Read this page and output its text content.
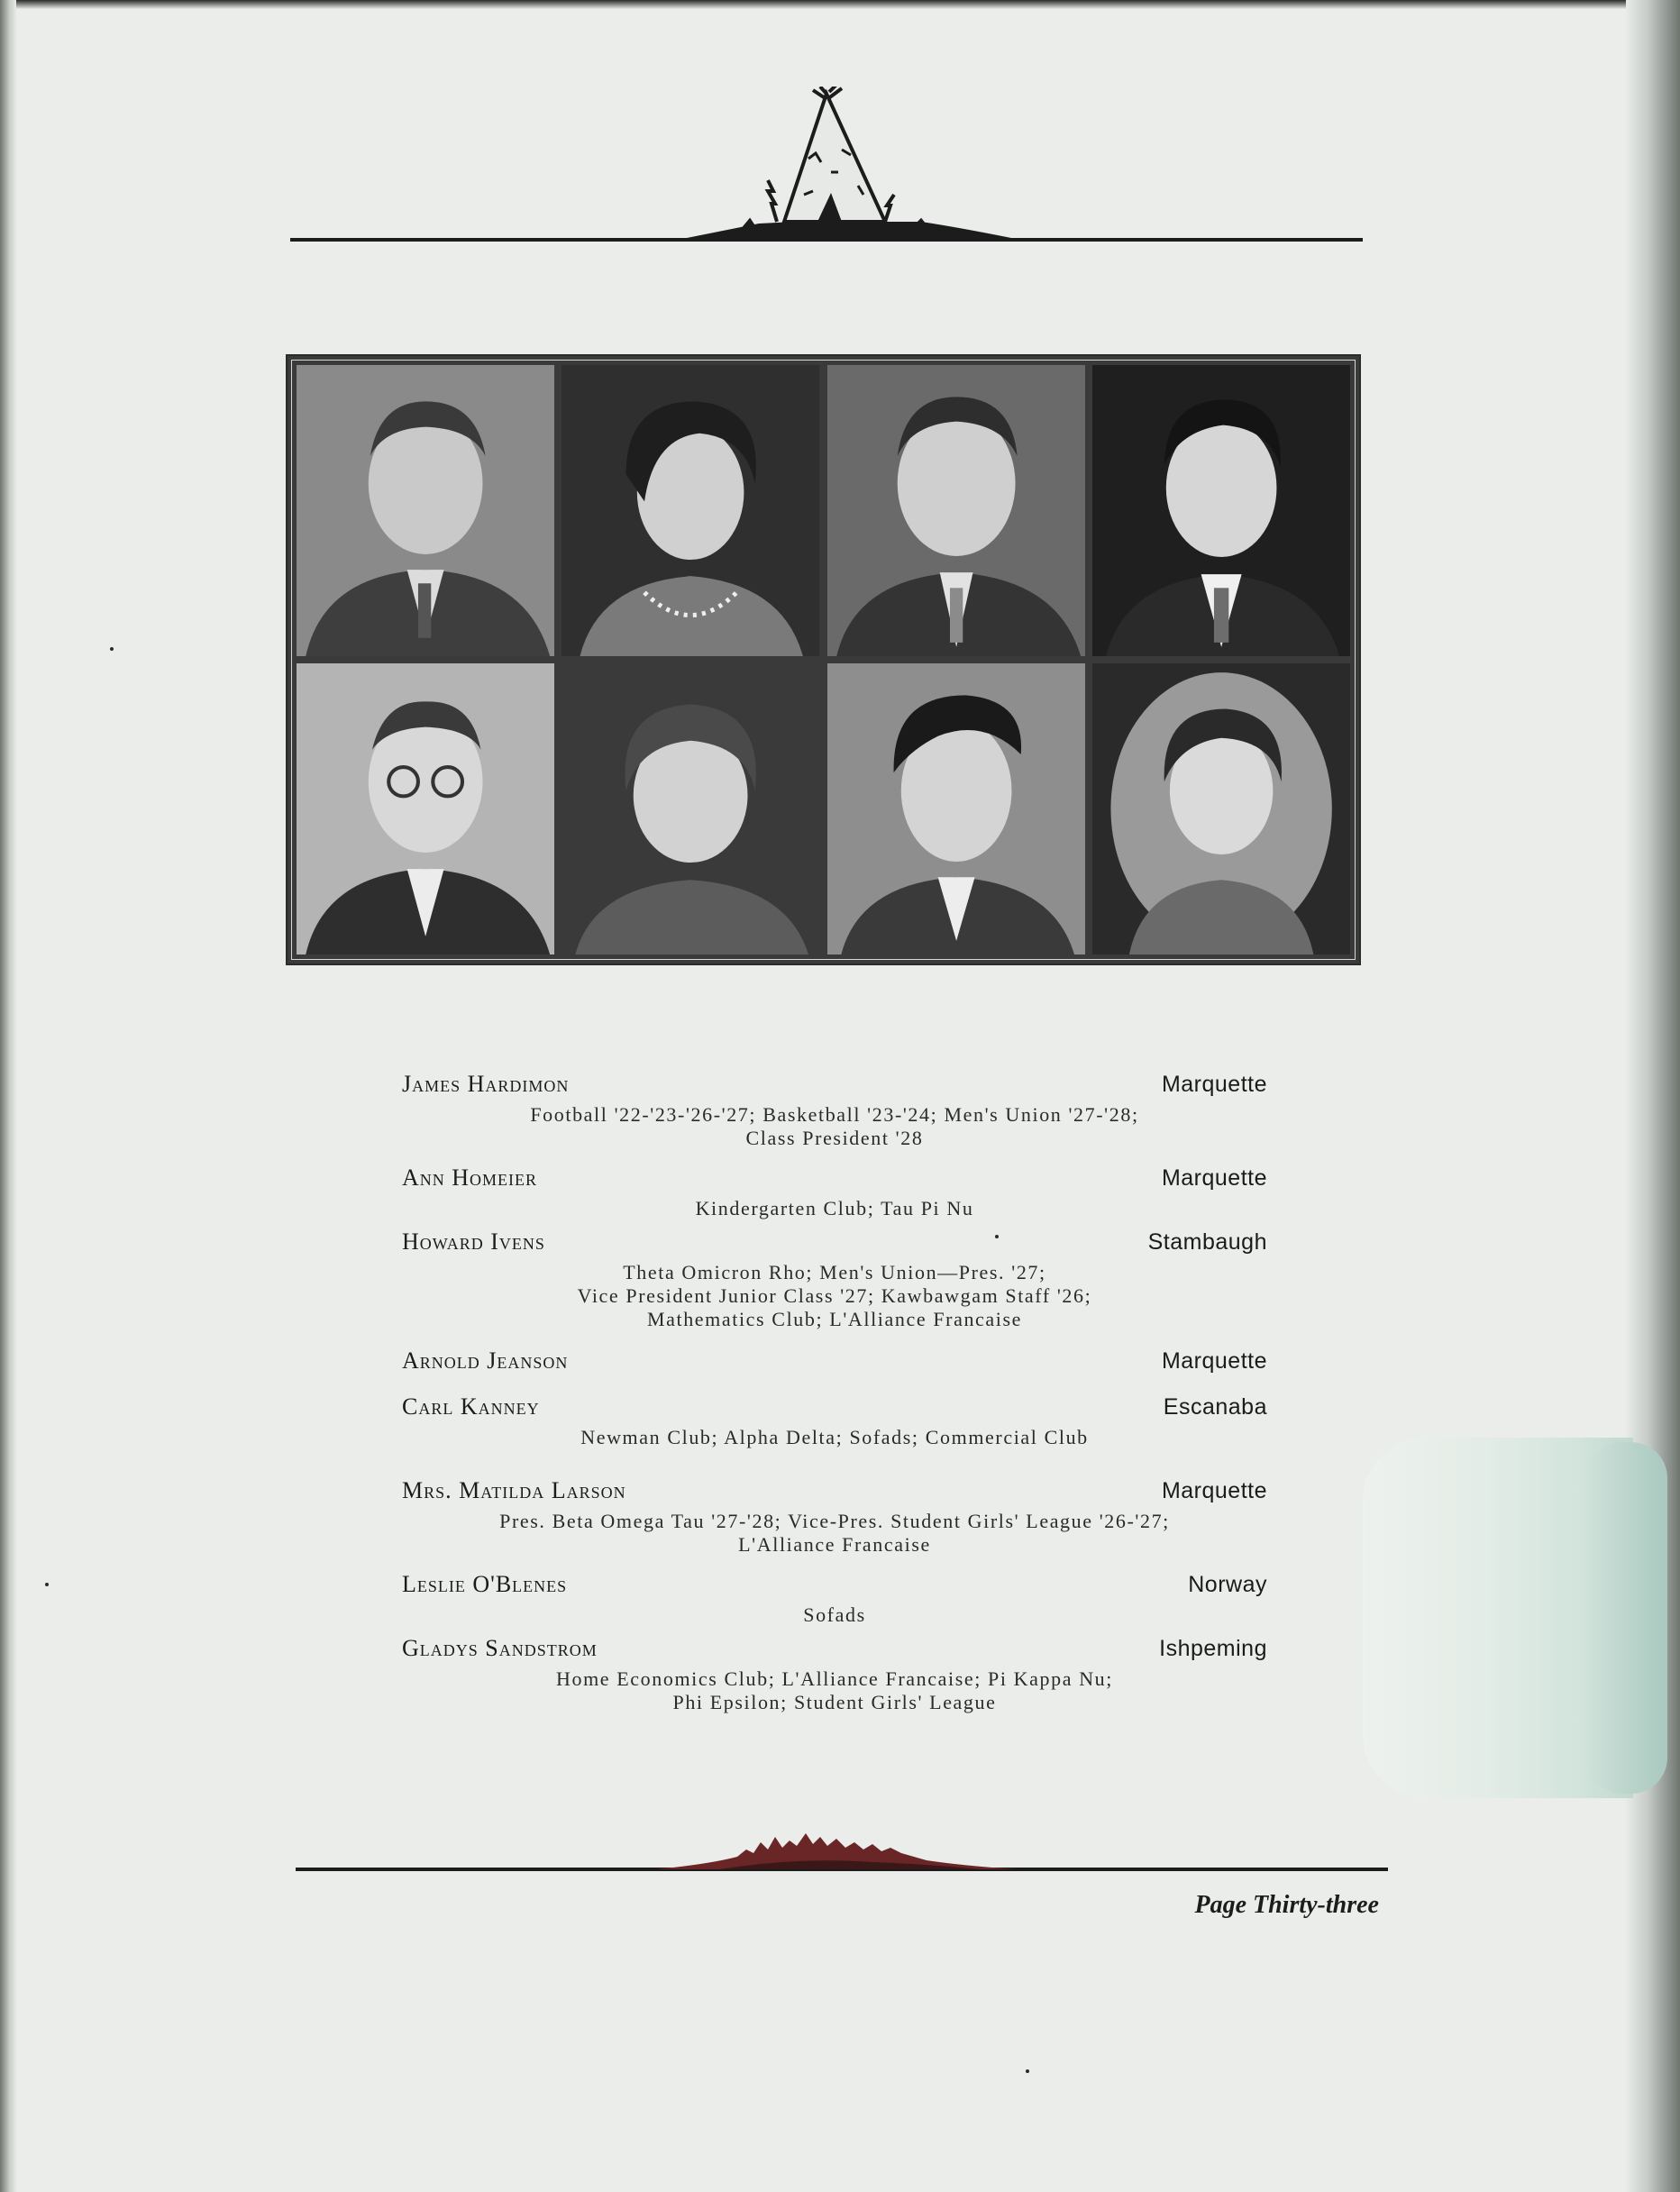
James Hardimon	Marquette
Football '22-'23-'26-'27; Basketball '23-'24; Men's Union '27-'28;
Class President '28
Ann Homeier	Marquette
Kindergarten Club; Tau Pi Nu
Howard Ivens	Stambaugh
Theta Omicron Rho; Men's Union—Pres. '27;
Vice President Junior Class '27; Kawbawgam Staff '26;
Mathematics Club; L'Alliance Francaise
Arnold Jeanson	Marquette
Carl Kanney	Escanaba
Newman Club; Alpha Delta; Sofads; Commercial Club
Mrs. Matilda Larson	Marquette
Pres. Beta Omega Tau '27-'28; Vice-Pres. Student Girls' League '26-'27;
L'Alliance Francaise
Leslie O'Blenes	Norway
Sofads
Gladys Sandstrom	Ishpeming
Home Economics Club; L'Alliance Francaise; Pi Kappa Nu;
Phi Epsilon; Student Girls' League
Page Thirty-three
